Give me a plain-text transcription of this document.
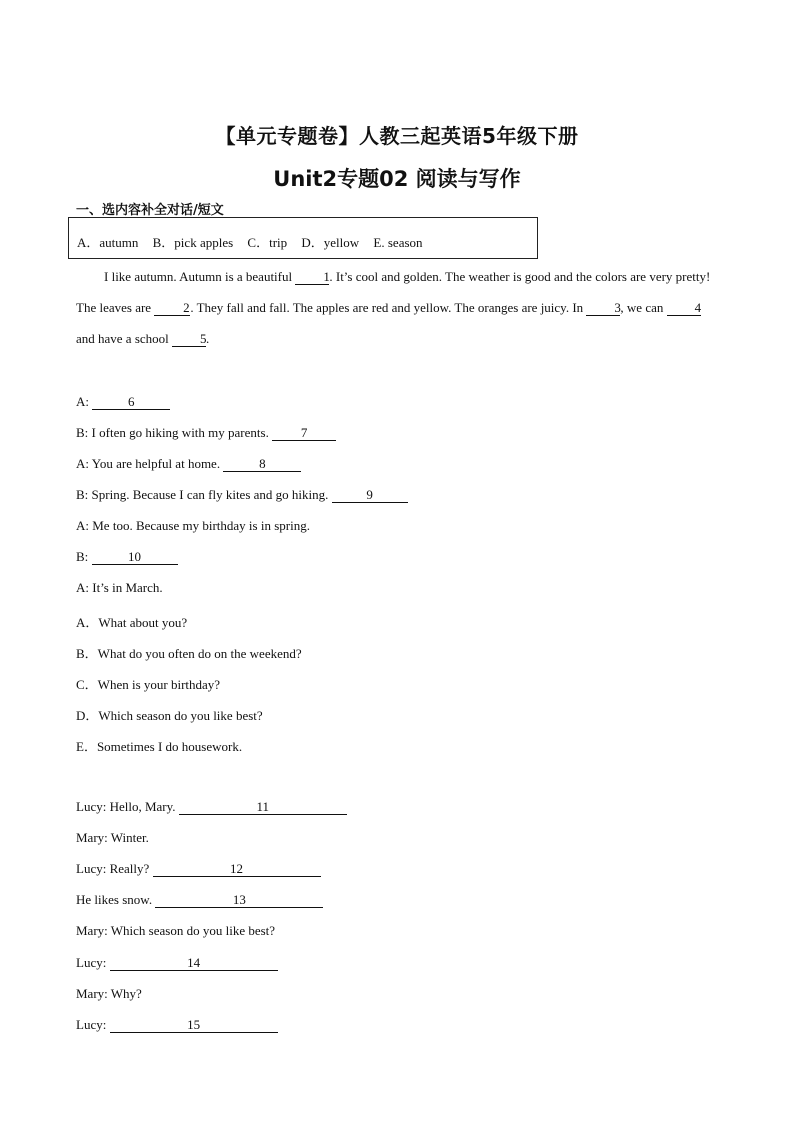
【单元专题卷】人教三起英语5年级下册
Unit2专题02 阅读与写作
一、选内容补全对话/短文
A．autumn B．pick apples C．trip D．yellow E. season

I like autumn. Autumn is a beautiful 1. It’s cool and golden. The weather is good and the colors are very pretty! The leaves are 2. They fall and fall. The apples are red and yellow. The oranges are juicy. In 3, we can 4 and have a school 5.

A:	6
B: I often go hiking with my parents. 7
A: You are helpful at home.	8
B: Spring. Because I can fly kites and go hiking.	9
A: Me too. Because my birthday is in spring.
B:	10
A: It’s in March.
A．What about you?
B．What do you often do on the weekend?
C．When is your birthday?
D．Which season do you like best?
E．Sometimes I do housework.
Lucy: Hello, Mary.	11
Mary: Winter.
Lucy: Really?	12
He likes snow.	13
Mary: Which season do you like best?
Lucy:	14
Mary: Why?
Lucy:	15
